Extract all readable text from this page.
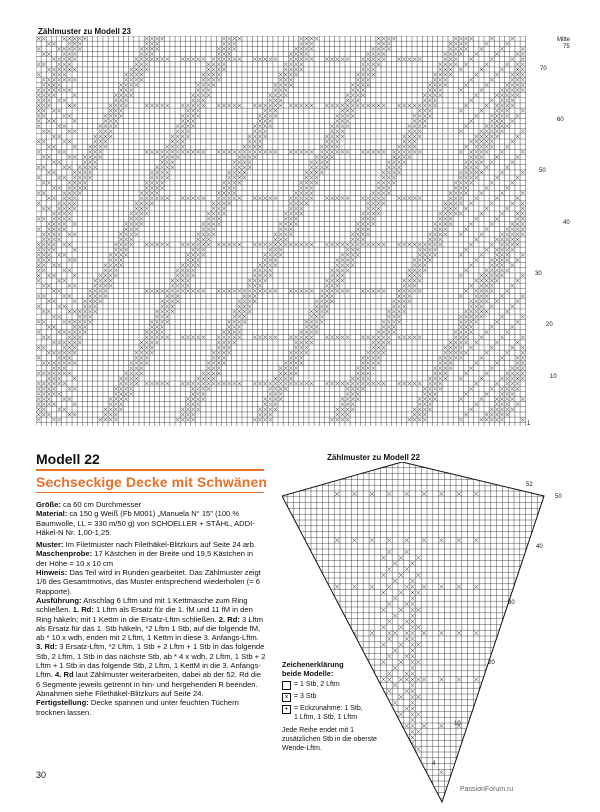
Zählmuster zu Modell 23
Mitte
75
70
60
50
40
30
20
10
1
Modell 22
Sechseckige Decke mit Schwänen

Größe: ca 60 cm Durchmesser
Material: ca 150 g Weiß (Fb M001) „Manuela N° 15" (100 % Baumwolle, LL = 330 m/50 g) von SCHOELLER + STÄHL, ADDI-Häkel-N Nr. 1,00-1,25.

Muster: Im Filetmuster nach Filethäkel-Blitzkurs auf Seite 24 arb.
Maschenprobe: 17 Kästchen in der Breite und 19,5 Kästchen in der Höhe = 10 x 10 cm
Hinweis: Das Teil wird in Runden gearbeitet. Das Zählmuster zeigt 1/6 des Gesamtmotivs, das Muster entsprechend wiederholen (= 6 Rapporte).
Ausführung: Anschlag 6 Lftm und mit 1 Kettmasche zum Ring schließen. 1. Rd: 1 Lftm als Ersatz für die 1. fM und 11 fM in den Ring häkeln; mit 1 Kettm in die Ersatz-Lftm schließen. 2. Rd: 3 Lftm als Ersatz für das 1. Stb häkeln, *2 Lftm 1 Stb, auf die folgende fM, ab * 10 x wdh, enden mit 2 Lftm, 1 Kettm in diese 3. Anfangs-Lftm. 3. Rd: 3 Ersatz-Lftm, *2 Lftm, 1 Stb + 2 Lftm + 1 Stb in das folgende Stb, 2 Lftm, 1 Stb in das nächste Stb, ab * 4 x wdh, 2 Lftm, 1 Stb + 2 Lftm + 1 Stb in das folgende Stb, 2 Lftm, 1 KettM in die 3. Anfangs-Lftm. 4. Rd laut Zählmuster weiterarbeiten, dabei ab der 52. Rd die 6 Segmente jeweils getrennt in hin- und hergehenden R beenden. Abnahmen siehe Filethäkel-Blitzkurs auf Seite 24.
Fertigstellung: Decke spannen und unter feuchten Tüchern trocknen lassen.

Zählmuster zu Modell 22
52
50
40
30
20
10
4
Zeichenerklärung
beide Modelle:
= 1 Stb, 2 Lftm
× = 3 Stb
• = Eckzunahme: 1 Stb,
1 Lftm, 1 Stb, 1 Lftm
Jede Reihe endet mit 1 zusätzlichen Stb in die oberste Wende-Lftm.
30
PassionForum.ru
